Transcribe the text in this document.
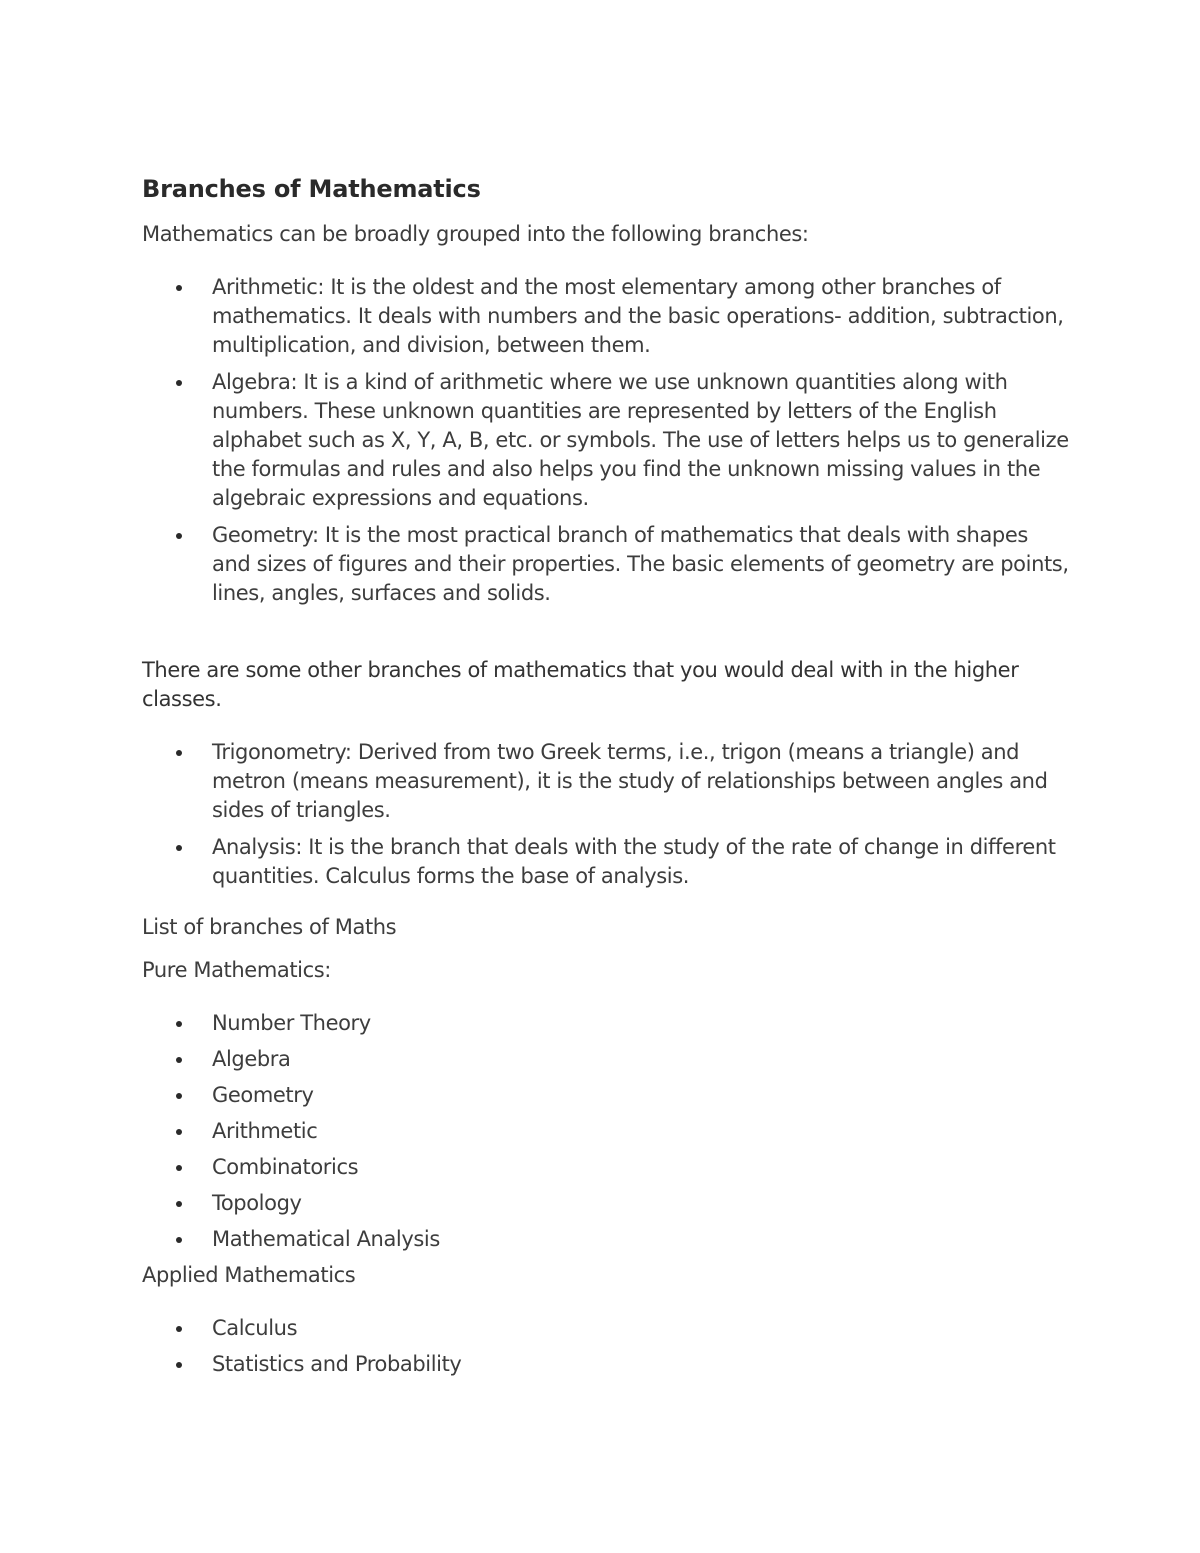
Branches of Mathematics

Mathematics can be broadly grouped into the following branches:

Arithmetic: It is the oldest and the most elementary among other branches of mathematics. It deals with numbers and the basic operations- addition, subtraction, multiplication, and division, between them.
Algebra: It is a kind of arithmetic where we use unknown quantities along with numbers. These unknown quantities are represented by letters of the English alphabet such as X, Y, A, B, etc. or symbols. The use of letters helps us to generalize the formulas and rules and also helps you find the unknown missing values in the algebraic expressions and equations.
Geometry: It is the most practical branch of mathematics that deals with shapes and sizes of figures and their properties. The basic elements of geometry are points, lines, angles, surfaces and solids.

There are some other branches of mathematics that you would deal with in the higher classes.

Trigonometry: Derived from two Greek terms, i.e., trigon (means a triangle) and metron (means measurement), it is the study of relationships between angles and sides of triangles.
Analysis: It is the branch that deals with the study of the rate of change in different quantities. Calculus forms the base of analysis.

List of branches of Maths

Pure Mathematics:

Number Theory
Algebra
Geometry
Arithmetic
Combinatorics
Topology
Mathematical Analysis

Applied Mathematics

Calculus
Statistics and Probability
